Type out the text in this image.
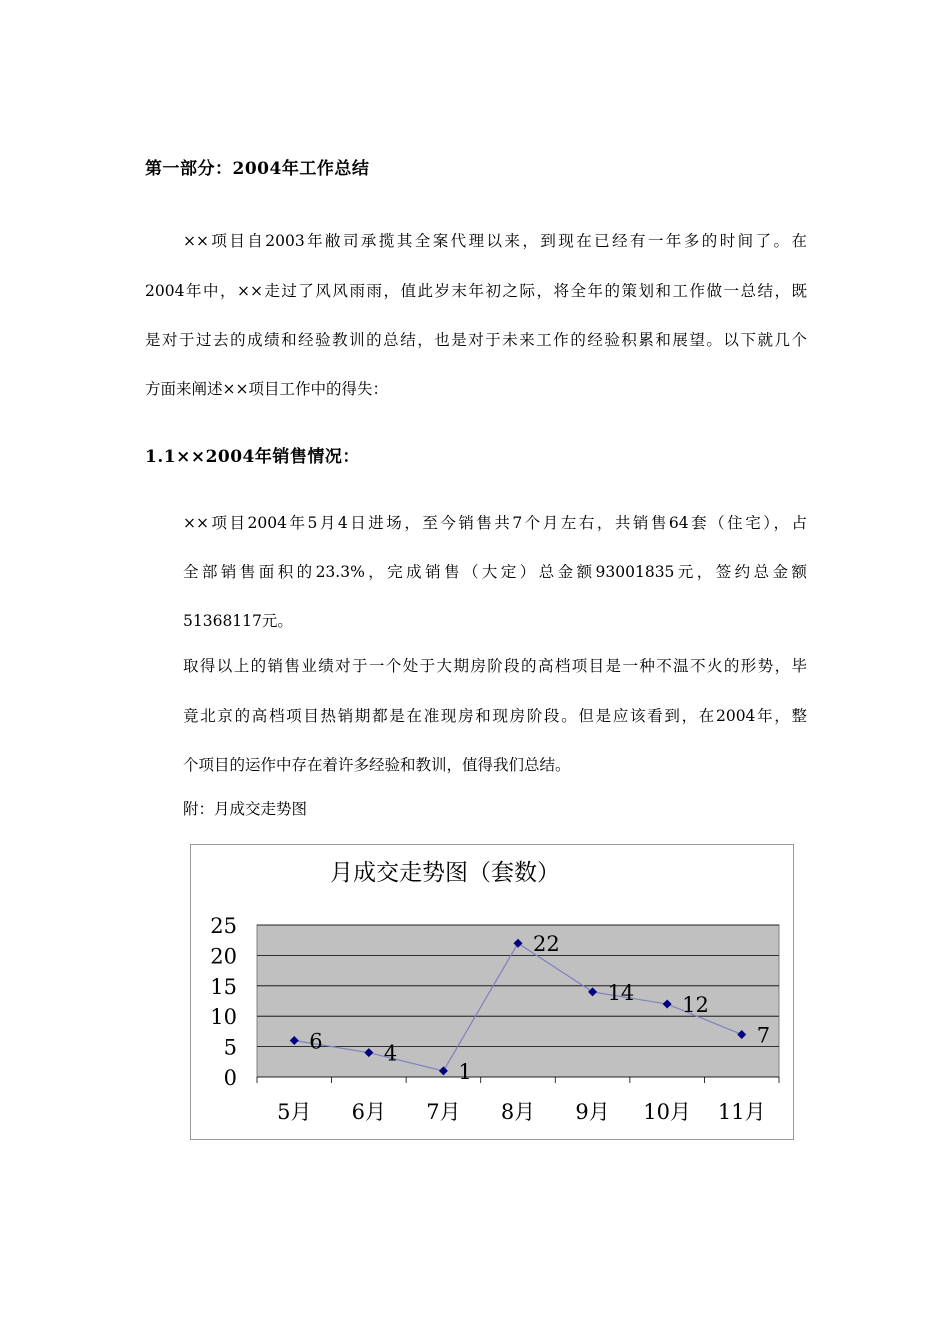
第一部分：2004年工作总结
××项目自2003年敝司承揽其全案代理以来，到现在已经有一年多的时间了。在
2004年中，××走过了风风雨雨，值此岁末年初之际，将全年的策划和工作做一总结，既
是对于过去的成绩和经验教训的总结，也是对于未来工作的经验积累和展望。以下就几个
方面来阐述××项目工作中的得失：
1.1××2004年销售情况：
××项目2004年5月4日进场，至今销售共7个月左右，共销售64套（住宅），占
全部销售面积的23.3%，完成销售（大定）总金额93001835元，签约总金额
51368117元。
取得以上的销售业绩对于一个处于大期房阶段的高档项目是一种不温不火的形势，毕
竟北京的高档项目热销期都是在准现房和现房阶段。但是应该看到，在2004年，整
个项目的运作中存在着许多经验和教训，值得我们总结。
附：月成交走势图
月成交走势图（套数）
0
5
10
15
20
25
5月 6月 7月 8月 9月 10月 11月
6
4
1
22
14
12
7
